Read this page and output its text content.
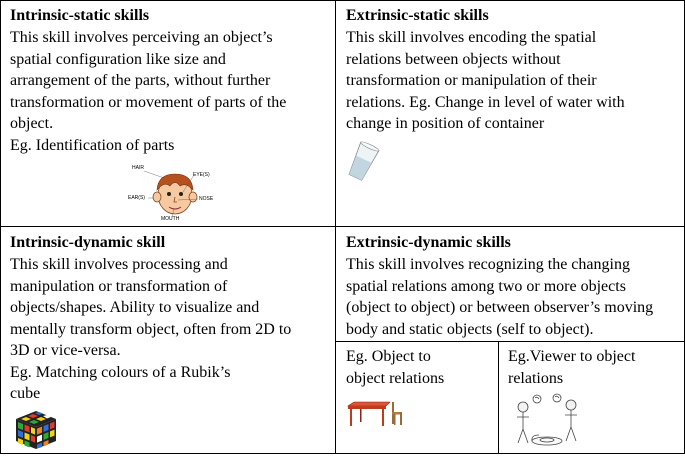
Intrinsic-static skills
This skill involves perceiving an object’s
spatial configuration like size and
arrangement of the parts, without further
transformation or movement of parts of the
object.
Eg. Identification of parts
HAIR
EYE(S)
EAR(S)	NOSE
MOUTH
Extrinsic-static skills
This skill involves encoding the spatial
relations between objects without
transformation or manipulation of their
relations. Eg. Change in level of water with
change in position of container
Intrinsic-dynamic skill
This skill involves processing and
manipulation or transformation of
objects/shapes. Ability to visualize and
mentally transform object, often from 2D to
3D or vice-versa.
Eg. Matching colours of a Rubik’s
cube
Extrinsic-dynamic skills
This skill involves recognizing the changing
spatial relations among two or more objects
(object to object) or between observer’s moving
body and static objects (self to object).
Eg. Object to
object relations
Eg.Viewer to object
relations
